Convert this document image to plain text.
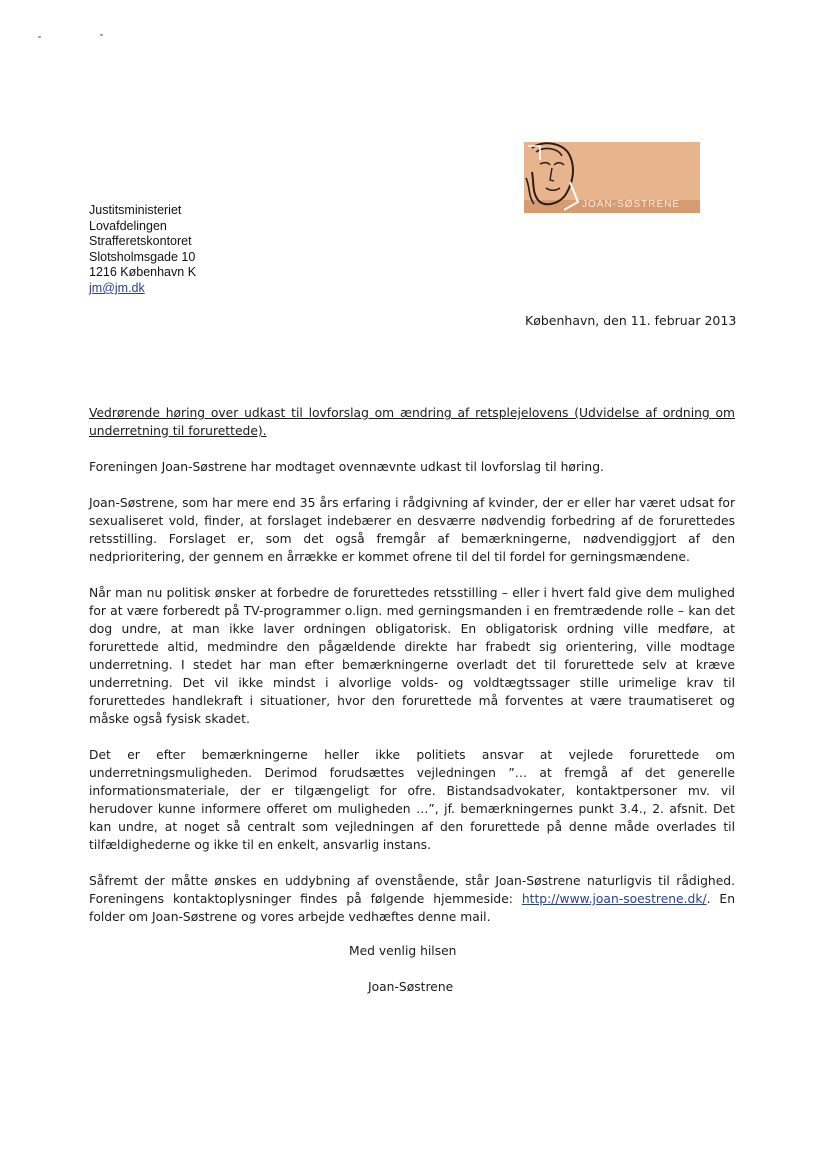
JOAN-SØSTRENE
Justitsministeriet
Lovafdelingen
Strafferetskontoret
Slotsholmsgade 10
1216 København K
jm@jm.dk
København, den 11. februar 2013

Vedrørende høring over udkast til lovforslag om ændring af retsplejelovens (Udvidelse af ordning om underretning til forurettede).

Foreningen Joan-Søstrene har modtaget ovennævnte udkast til lovforslag til høring.

Joan-Søstrene, som har mere end 35 års erfaring i rådgivning af kvinder, der er eller har været udsat for sexualiseret vold, finder, at forslaget indebærer en desværre nødvendig forbedring af de forurettedes retsstilling. Forslaget er, som det også fremgår af bemærkningerne, nødvendiggjort af den nedprioritering, der gennem en årrække er kommet ofrene til del til fordel for gerningsmændene.

Når man nu politisk ønsker at forbedre de forurettedes retsstilling – eller i hvert fald give dem mulighed for at være forberedt på TV-programmer o.lign. med gerningsmanden i en fremtrædende rolle – kan det dog undre, at man ikke laver ordningen obligatorisk. En obligatorisk ordning ville medføre, at forurettede altid, medmindre den pågældende direkte har frabedt sig orientering, ville modtage underretning. I stedet har man efter bemærkningerne overladt det til forurettede selv at kræve underretning. Det vil ikke mindst i alvorlige volds- og voldtægtssager stille urimelige krav til forurettedes handlekraft i situationer, hvor den forurettede må forventes at være traumatiseret og måske også fysisk skadet.

Det er efter bemærkningerne heller ikke politiets ansvar at vejlede forurettede om underretningsmuligheden. Derimod forudsættes vejledningen ”… at fremgå af det generelle informationsmateriale, der er tilgængeligt for ofre. Bistandsadvokater, kontaktpersoner mv. vil herudover kunne informere offeret om muligheden …”, jf. bemærkningernes punkt 3.4., 2. afsnit. Det kan undre, at noget så centralt som vejledningen af den forurettede på denne måde overlades til tilfældighederne og ikke til en enkelt, ansvarlig instans.

Såfremt der måtte ønskes en uddybning af ovenstående, står Joan-Søstrene naturligvis til rådighed. Foreningens kontaktoplysninger findes på følgende hjemmeside: http://www.joan-soestrene.dk/. En folder om Joan-Søstrene og vores arbejde vedhæftes denne mail.

Med venlig hilsen
Joan-Søstrene
